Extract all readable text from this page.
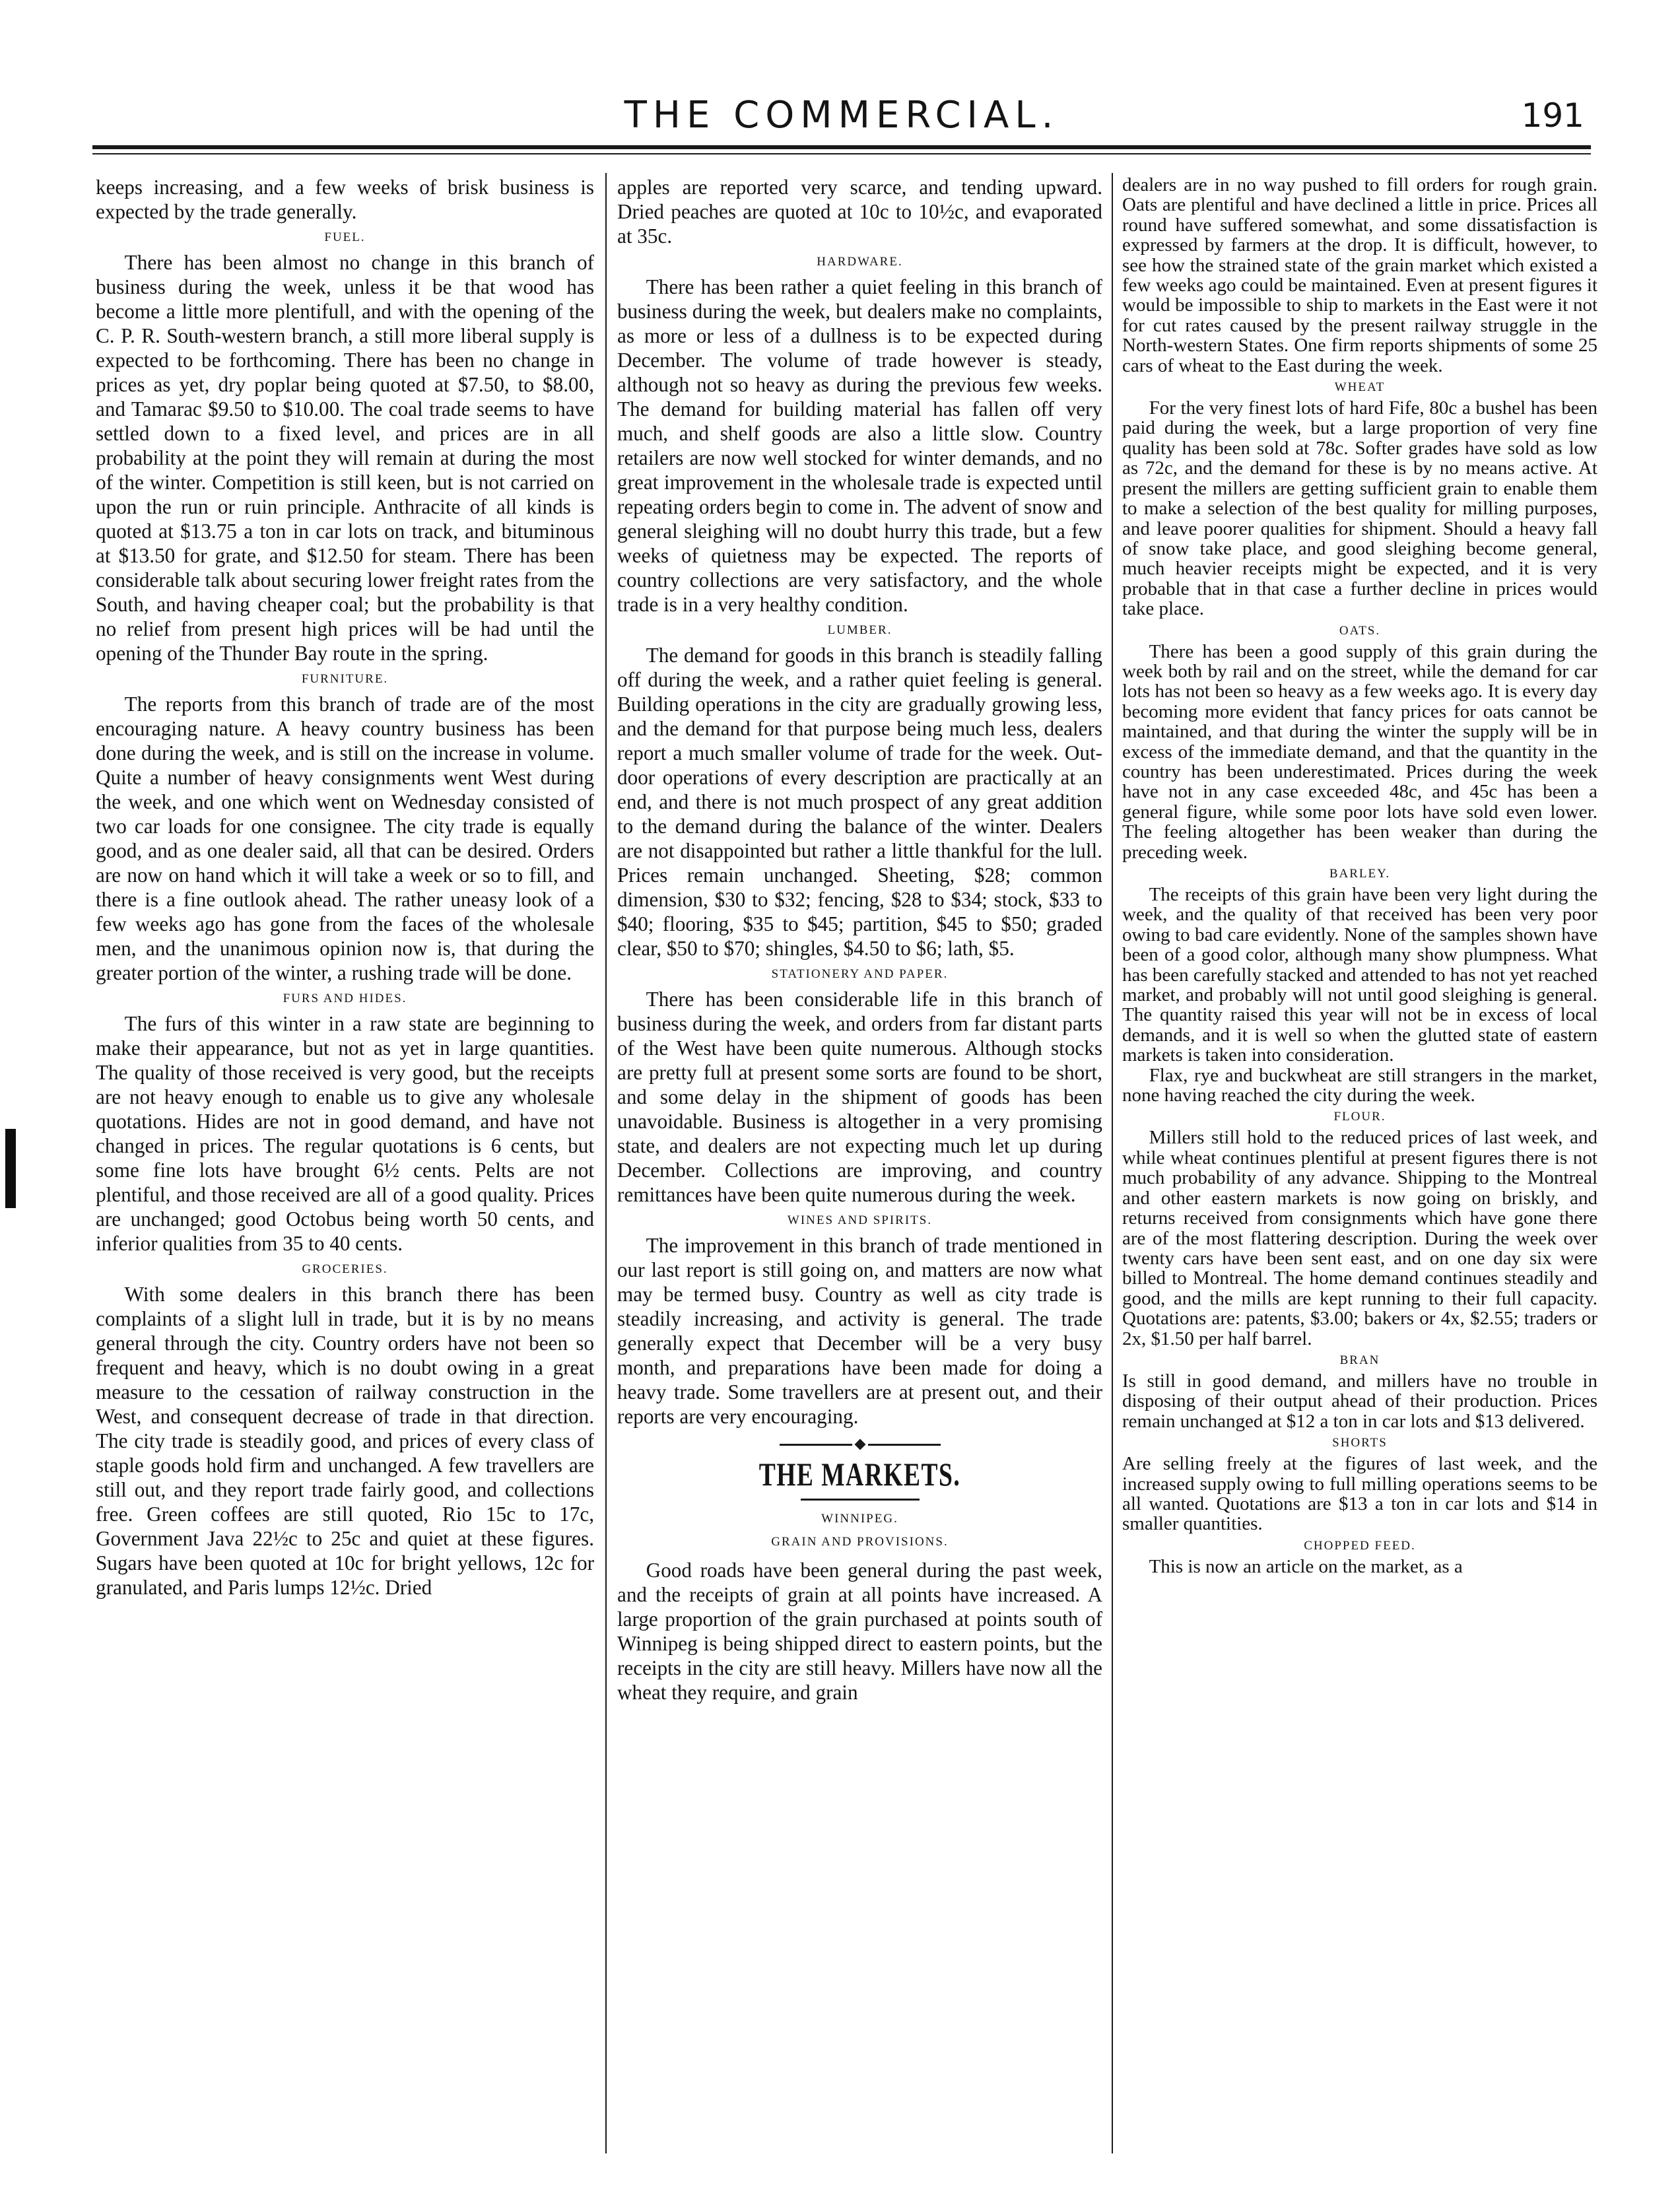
THE COMMERCIAL.	191

keeps increasing, and a few weeks of brisk business is expected by the trade generally.

FUEL.

There has been almost no change in this branch of business during the week, unless it be that wood has become a little more plentifull, and with the opening of the C. P. R. South-western branch, a still more liberal supply is expected to be forthcoming. There has been no change in prices as yet, dry poplar being quoted at $7.50, to $8.00, and Tamarac $9.50 to $10.00. The coal trade seems to have settled down to a fixed level, and prices are in all probability at the point they will remain at during the most of the winter. Competition is still keen, but is not carried on upon the run or ruin principle. Anthracite of all kinds is quoted at $13.75 a ton in car lots on track, and bituminous at $13.50 for grate, and $12.50 for steam. There has been considerable talk about securing lower freight rates from the South, and having cheaper coal; but the probability is that no relief from present high prices will be had until the opening of the Thunder Bay route in the spring.

FURNITURE.

The reports from this branch of trade are of the most encouraging nature. A heavy country business has been done during the week, and is still on the increase in volume. Quite a number of heavy consignments went West during the week, and one which went on Wednesday consisted of two car loads for one consignee. The city trade is equally good, and as one dealer said, all that can be desired. Orders are now on hand which it will take a week or so to fill, and there is a fine outlook ahead. The rather uneasy look of a few weeks ago has gone from the faces of the wholesale men, and the unanimous opinion now is, that during the greater portion of the winter, a rushing trade will be done.

FURS AND HIDES.

The furs of this winter in a raw state are beginning to make their appearance, but not as yet in large quantities. The quality of those received is very good, but the receipts are not heavy enough to enable us to give any wholesale quotations. Hides are not in good demand, and have not changed in prices. The regular quotations is 6 cents, but some fine lots have brought 6½ cents. Pelts are not plentiful, and those received are all of a good quality. Prices are unchanged; good Octobus being worth 50 cents, and inferior qualities from 35 to 40 cents.

GROCERIES.

With some dealers in this branch there has been complaints of a slight lull in trade, but it is by no means general through the city. Country orders have not been so frequent and heavy, which is no doubt owing in a great measure to the cessation of railway construction in the West, and consequent decrease of trade in that direction. The city trade is steadily good, and prices of every class of staple goods hold firm and unchanged. A few travellers are still out, and they report trade fairly good, and collections free. Green coffees are still quoted, Rio 15c to 17c, Government Java 22½c to 25c and quiet at these figures. Sugars have been quoted at 10c for bright yellows, 12c for granulated, and Paris lumps 12½c. Dried

apples are reported very scarce, and tending upward. Dried peaches are quoted at 10c to 10½c, and evaporated at 35c.

HARDWARE.

There has been rather a quiet feeling in this branch of business during the week, but dealers make no complaints, as more or less of a dullness is to be expected during December. The volume of trade however is steady, although not so heavy as during the previous few weeks. The demand for building material has fallen off very much, and shelf goods are also a little slow. Country retailers are now well stocked for winter demands, and no great improvement in the wholesale trade is expected until repeating orders begin to come in. The advent of snow and general sleighing will no doubt hurry this trade, but a few weeks of quietness may be expected. The reports of country collections are very satisfactory, and the whole trade is in a very healthy condition.

LUMBER.

The demand for goods in this branch is steadily falling off during the week, and a rather quiet feeling is general. Building operations in the city are gradually growing less, and the demand for that purpose being much less, dealers report a much smaller volume of trade for the week. Out-door operations of every description are practically at an end, and there is not much prospect of any great addition to the demand during the balance of the winter. Dealers are not disappointed but rather a little thankful for the lull. Prices remain unchanged. Sheeting, $28; common dimension, $30 to $32; fencing, $28 to $34; stock, $33 to $40; flooring, $35 to $45; partition, $45 to $50; graded clear, $50 to $70; shingles, $4.50 to $6; lath, $5.

STATIONERY AND PAPER.

There has been considerable life in this branch of business during the week, and orders from far distant parts of the West have been quite numerous. Although stocks are pretty full at present some sorts are found to be short, and some delay in the shipment of goods has been unavoidable. Business is altogether in a very promising state, and dealers are not expecting much let up during December. Collections are improving, and country remittances have been quite numerous during the week.

WINES AND SPIRITS.

The improvement in this branch of trade mentioned in our last report is still going on, and matters are now what may be termed busy. Country as well as city trade is steadily increasing, and activity is general. The trade generally expect that December will be a very busy month, and preparations have been made for doing a heavy trade. Some travellers are at present out, and their reports are very encouraging.

THE MARKETS.
WINNIPEG.
GRAIN AND PROVISIONS.

Good roads have been general during the past week, and the receipts of grain at all points have increased. A large proportion of the grain purchased at points south of Winnipeg is being shipped direct to eastern points, but the receipts in the city are still heavy. Millers have now all the wheat they require, and grain

dealers are in no way pushed to fill orders for rough grain. Oats are plentiful and have declined a little in price. Prices all round have suffered somewhat, and some dissatisfaction is expressed by farmers at the drop. It is difficult, however, to see how the strained state of the grain market which existed a few weeks ago could be maintained. Even at present figures it would be impossible to ship to markets in the East were it not for cut rates caused by the present railway struggle in the North-western States. One firm reports shipments of some 25 cars of wheat to the East during the week.

WHEAT

For the very finest lots of hard Fife, 80c a bushel has been paid during the week, but a large proportion of very fine quality has been sold at 78c. Softer grades have sold as low as 72c, and the demand for these is by no means active. At present the millers are getting sufficient grain to enable them to make a selection of the best quality for milling purposes, and leave poorer qualities for shipment. Should a heavy fall of snow take place, and good sleighing become general, much heavier receipts might be expected, and it is very probable that in that case a further decline in prices would take place.

OATS.

There has been a good supply of this grain during the week both by rail and on the street, while the demand for car lots has not been so heavy as a few weeks ago. It is every day becoming more evident that fancy prices for oats cannot be maintained, and that during the winter the supply will be in excess of the immediate demand, and that the quantity in the country has been underestimated. Prices during the week have not in any case exceeded 48c, and 45c has been a general figure, while some poor lots have sold even lower. The feeling altogether has been weaker than during the preceding week.

BARLEY.

The receipts of this grain have been very light during the week, and the quality of that received has been very poor owing to bad care evidently. None of the samples shown have been of a good color, although many show plumpness. What has been carefully stacked and attended to has not yet reached market, and probably will not until good sleighing is general. The quantity raised this year will not be in excess of local demands, and it is well so when the glutted state of eastern markets is taken into consideration.

Flax, rye and buckwheat are still strangers in the market, none having reached the city during the week.

FLOUR.

Millers still hold to the reduced prices of last week, and while wheat continues plentiful at present figures there is not much probability of any advance. Shipping to the Montreal and other eastern markets is now going on briskly, and returns received from consignments which have gone there are of the most flattering description. During the week over twenty cars have been sent east, and on one day six were billed to Montreal. The home demand continues steadily and good, and the mills are kept running to their full capacity. Quotations are: patents, $3.00; bakers or 4x, $2.55; traders or 2x, $1.50 per half barrel.

BRAN

Is still in good demand, and millers have no trouble in disposing of their output ahead of their production. Prices remain unchanged at $12 a ton in car lots and $13 delivered.

SHORTS

Are selling freely at the figures of last week, and the increased supply owing to full milling operations seems to be all wanted. Quotations are $13 a ton in car lots and $14 in smaller quantities.

CHOPPED FEED.

This is now an article on the market, as a
